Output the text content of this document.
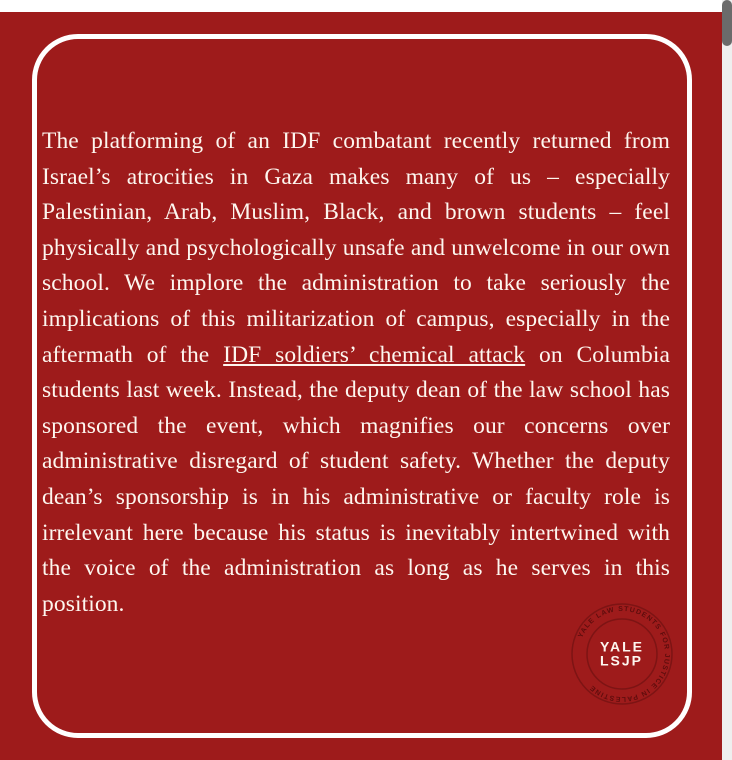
The platforming of an IDF combatant recently returned from Israel’s atrocities in Gaza makes many of us – especially Palestinian, Arab, Muslim, Black, and brown students – feel physically and psychologically unsafe and unwelcome in our own school. We implore the administration to take seriously the implications of this militarization of campus, especially in the aftermath of the IDF soldiers’ chemical attack on Columbia students last week. Instead, the deputy dean of the law school has sponsored the event, which magnifies our concerns over administrative disregard of student safety. Whether the deputy dean’s sponsorship is in his administrative or faculty role is irrelevant here because his status is inevitably intertwined with the voice of the administration as long as he serves in this position.
YALE LAW STUDENTS FOR JUSTICE IN PALESTINE
YALE
LSJP
